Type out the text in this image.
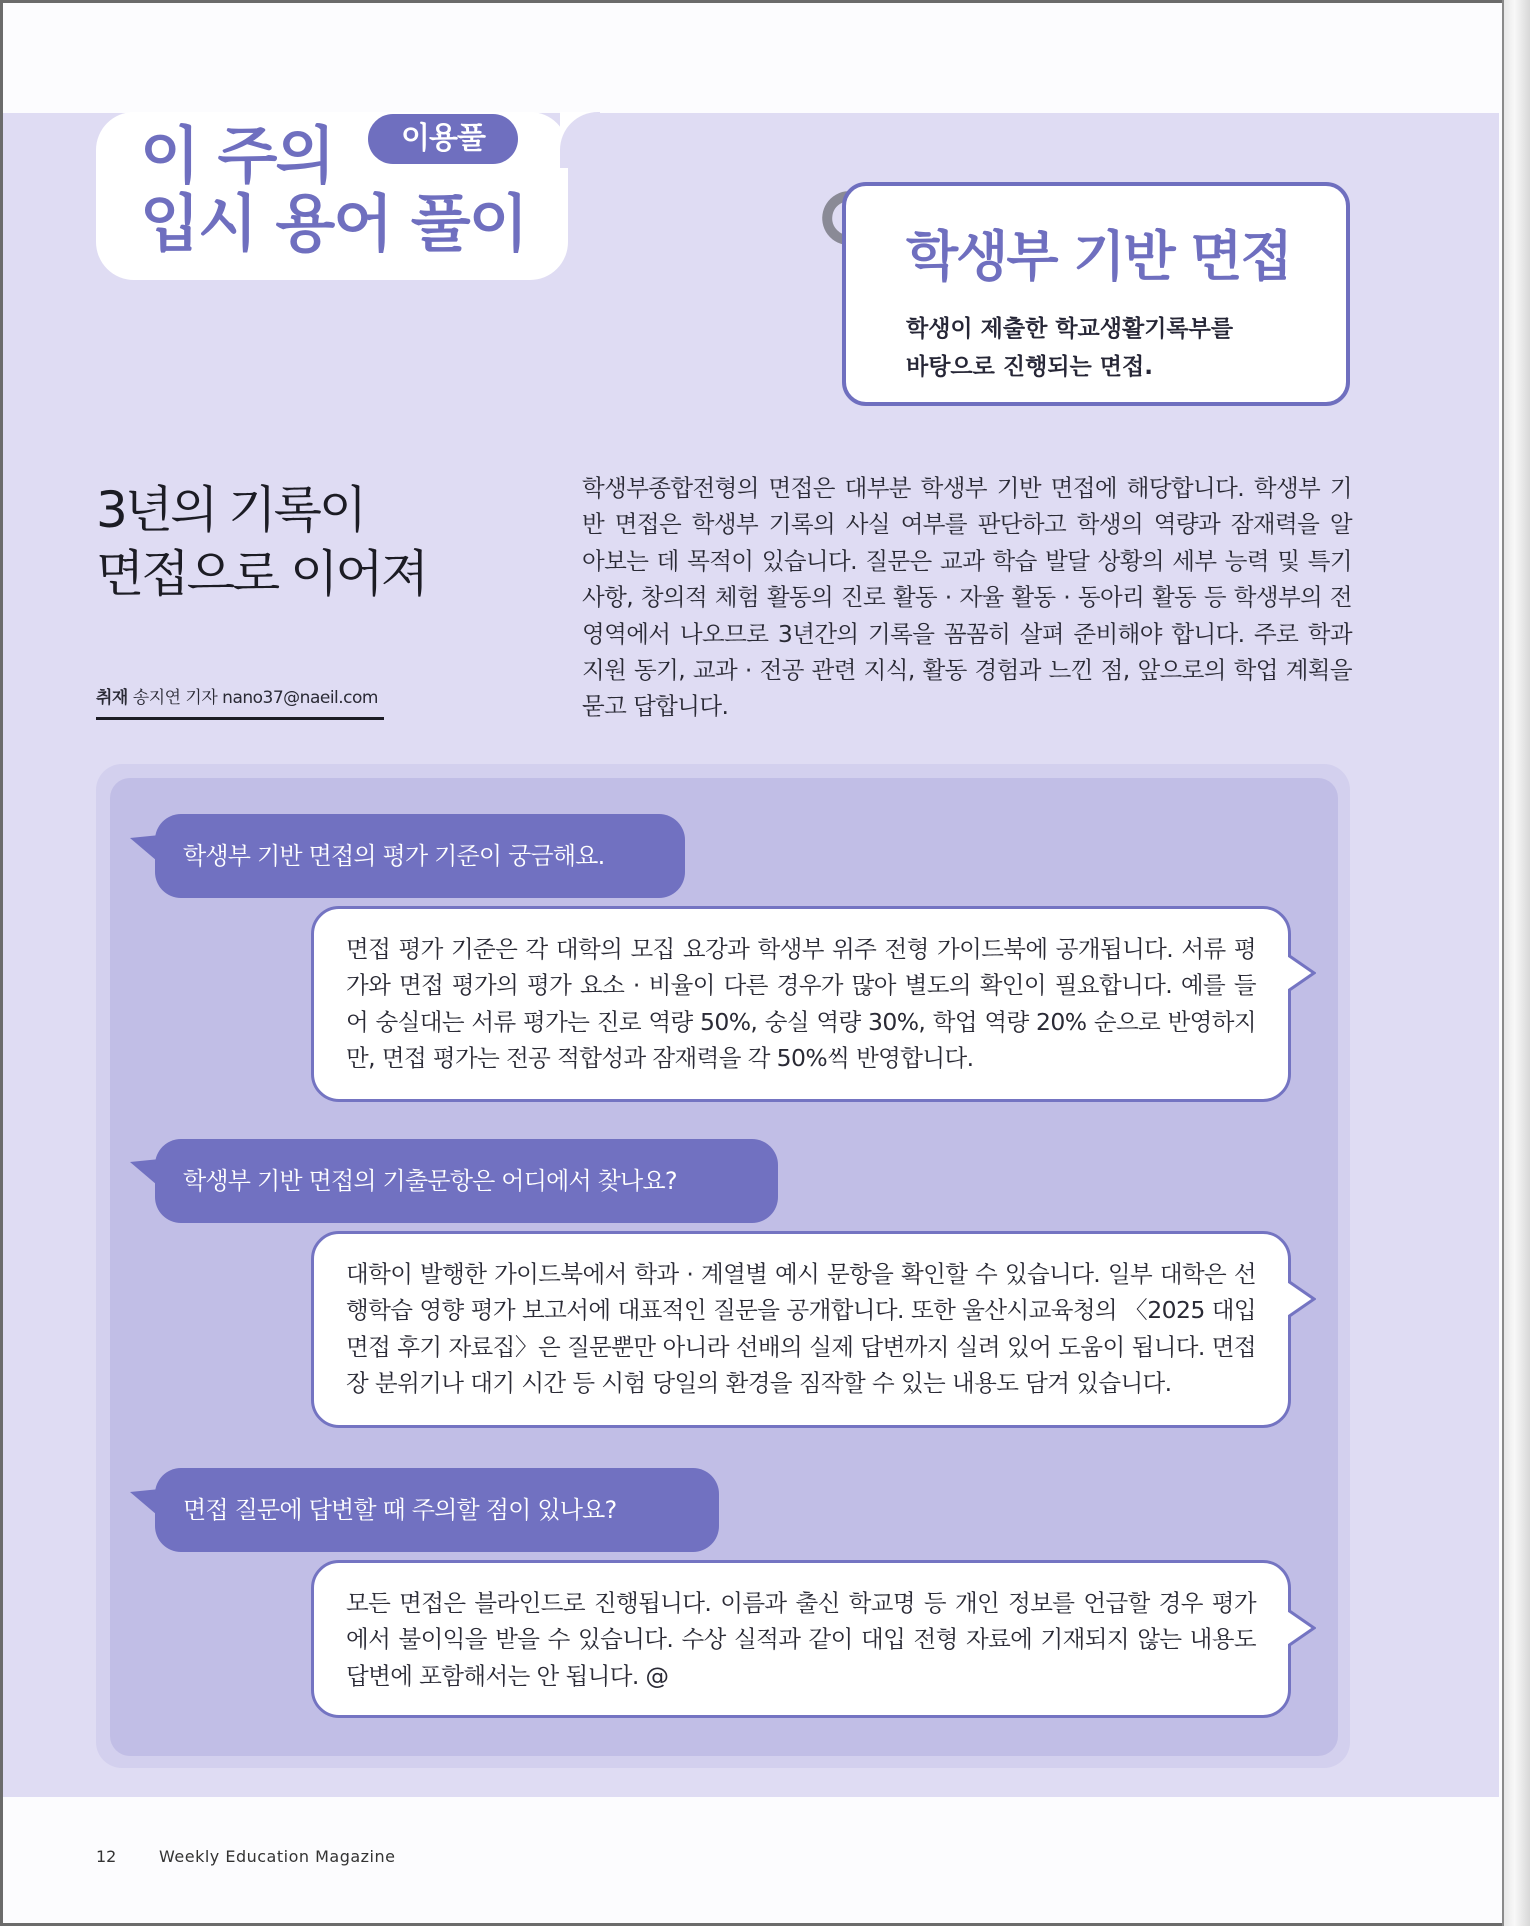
이 주의
입시 용어 풀이
이용풀
학생부 기반 면접

학생이 제출한 학교생활기록부를

바탕으로 진행되는 면접.

3년의 기록이
면접으로 이어져
취재 송지연 기자 nano37@naeil.com

학생부종합전형의 면접은 대부분 학생부 기반 면접에 해당합니다. 학생부 기
반 면접은 학생부 기록의 사실 여부를 판단하고 학생의 역량과 잠재력을 알
아보는 데 목적이 있습니다. 질문은 교과 학습 발달 상황의 세부 능력 및 특기
사항, 창의적 체험 활동의 진로 활동 · 자율 활동 · 동아리 활동 등 학생부의 전
영역에서 나오므로 3년간의 기록을 꼼꼼히 살펴 준비해야 합니다. 주로 학과
지원 동기, 교과 · 전공 관련 지식, 활동 경험과 느낀 점, 앞으로의 학업 계획을
묻고 답합니다.

학생부 기반 면접의 평가 기준이 궁금해요.
면접 평가 기준은 각 대학의 모집 요강과 학생부 위주 전형 가이드북에 공개됩니다. 서류 평
가와 면접 평가의 평가 요소 · 비율이 다른 경우가 많아 별도의 확인이 필요합니다. 예를 들
어 숭실대는 서류 평가는 진로 역량 50%, 숭실 역량 30%, 학업 역량 20% 순으로 반영하지
만, 면접 평가는 전공 적합성과 잠재력을 각 50%씩 반영합니다.
학생부 기반 면접의 기출문항은 어디에서 찾나요?
대학이 발행한 가이드북에서 학과 · 계열별 예시 문항을 확인할 수 있습니다. 일부 대학은 선
행학습 영향 평가 보고서에 대표적인 질문을 공개합니다. 또한 울산시교육청의 〈2025 대입
면접 후기 자료집〉은 질문뿐만 아니라 선배의 실제 답변까지 실려 있어 도움이 됩니다. 면접
장 분위기나 대기 시간 등 시험 당일의 환경을 짐작할 수 있는 내용도 담겨 있습니다.
면접 질문에 답변할 때 주의할 점이 있나요?
모든 면접은 블라인드로 진행됩니다. 이름과 출신 학교명 등 개인 정보를 언급할 경우 평가
에서 불이익을 받을 수 있습니다. 수상 실적과 같이 대입 전형 자료에 기재되지 않는 내용도
답변에 포함해서는 안 됩니다. @
12	Weekly Education Magazine
